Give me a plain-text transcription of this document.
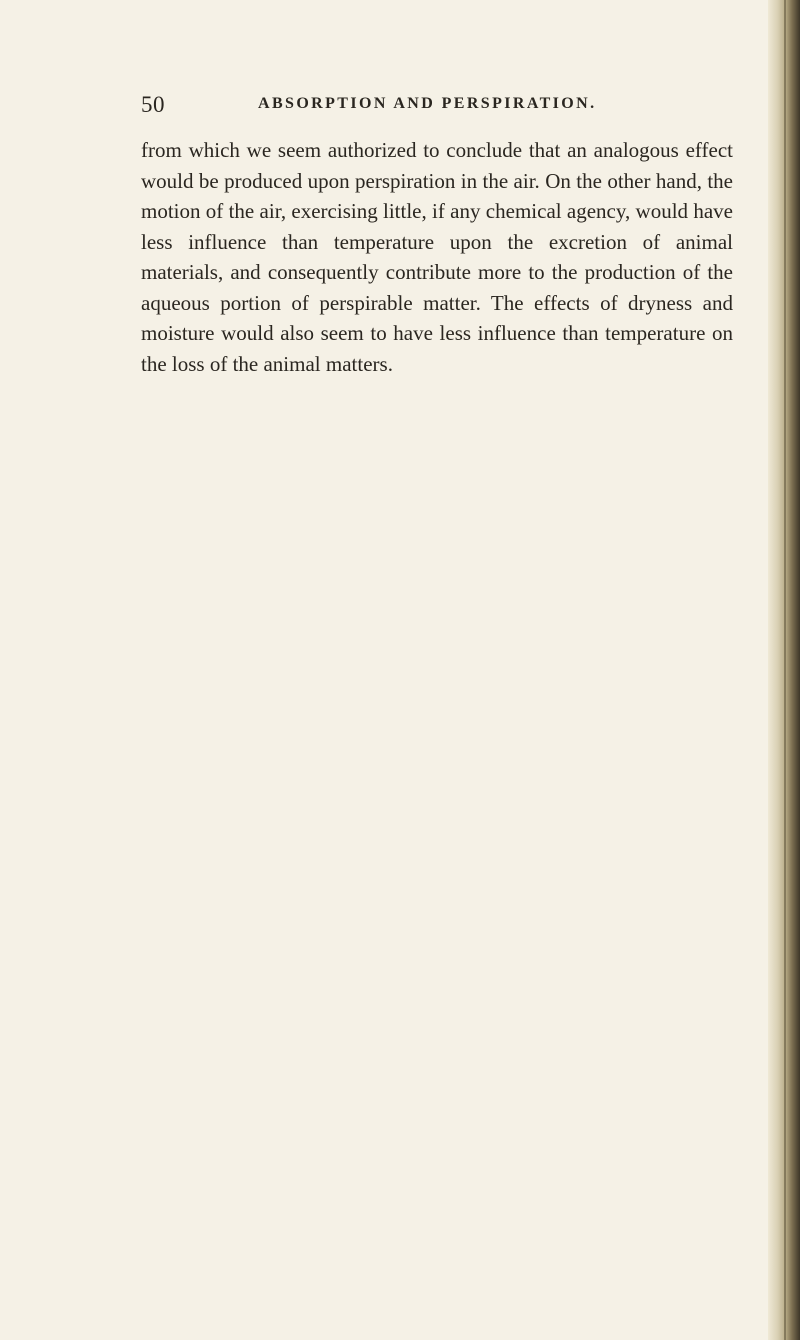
50	ABSORPTION AND PERSPIRATION.

from which we seem authorized to conclude that an analogous effect would be produced upon perspiration in the air. On the other hand, the motion of the air, exercising little, if any chemical agency, would have less influence than temperature upon the excretion of animal materials, and consequently contribute more to the production of the aqueous portion of perspirable matter. The effects of dryness and moisture would also seem to have less influence than temperature on the loss of the animal matters.
